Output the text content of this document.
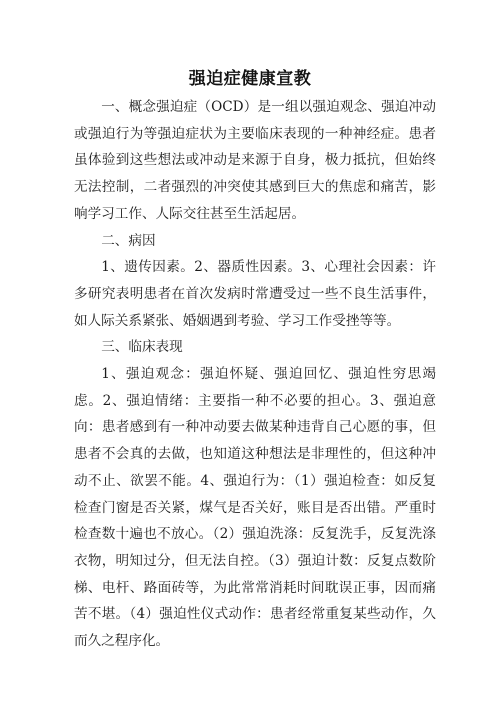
强迫症健康宣教

一、概念强迫症（OCD）是一组以强迫观念、强迫冲动或强迫行为等强迫症状为主要临床表现的一种神经症。患者虽体验到这些想法或冲动是来源于自身，极力抵抗，但始终无法控制，二者强烈的冲突使其感到巨大的焦虑和痛苦，影响学习工作、人际交往甚至生活起居。

二、病因

1、遗传因素。2、器质性因素。3、心理社会因素：许多研究表明患者在首次发病时常遭受过一些不良生活事件，如人际关系紧张、婚姻遇到考验、学习工作受挫等等。

三、临床表现

1、强迫观念：强迫怀疑、强迫回忆、强迫性穷思竭虑。2、强迫情绪：主要指一种不必要的担心。3、强迫意向：患者感到有一种冲动要去做某种违背自己心愿的事，但患者不会真的去做，也知道这种想法是非理性的，但这种冲动不止、欲罢不能。4、强迫行为：（1）强迫检查：如反复检查门窗是否关紧，煤气是否关好，账目是否出错。严重时检查数十遍也不放心。（2）强迫洗涤：反复洗手，反复洗涤衣物，明知过分，但无法自控。（3）强迫计数：反复点数阶梯、电杆、路面砖等，为此常常消耗时间耽误正事，因而痛苦不堪。（4）强迫性仪式动作：患者经常重复某些动作，久而久之程序化。
